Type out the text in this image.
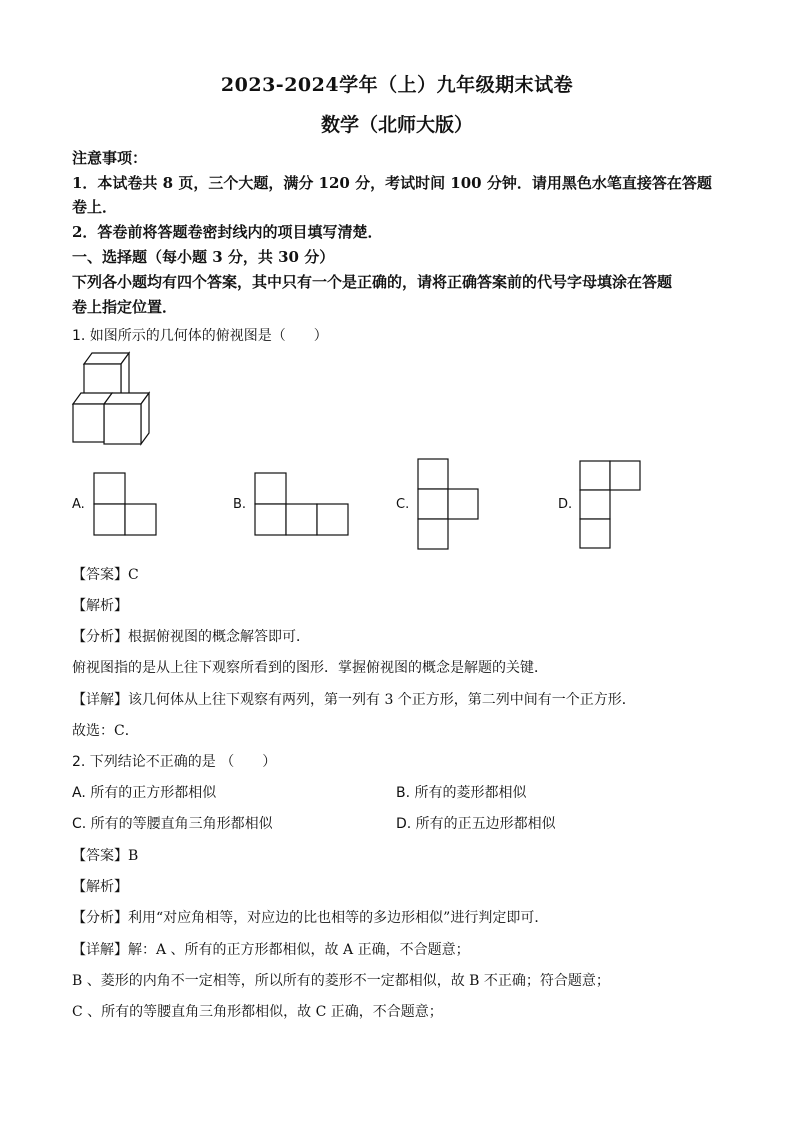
2023-2024学年（上）九年级期末试卷
数学（北师大版）
注意事项：
1．本试卷共 8 页，三个大题，满分 120 分，考试时间 100 分钟．请用黑色水笔直接答在答题
卷上．
2．答卷前将答题卷密封线内的项目填写清楚．
一、选择题（每小题 3 分，共 30 分）
下列各小题均有四个答案，其中只有一个是正确的，请将正确答案前的代号字母填涂在答题
卷上指定位置．
1. 如图所示的几何体的俯视图是（　　）
A.	B.	C.	D.
【答案】C
【解析】
【分析】根据俯视图的概念解答即可．
俯视图指的是从上往下观察所看到的图形．掌握俯视图的概念是解题的关键．
【详解】该几何体从上往下观察有两列，第一列有 3 个正方形，第二列中间有一个正方形．
故选：C．
2. 下列结论不正确的是 （　　）
A. 所有的正方形都相似	B. 所有的菱形都相似
C. 所有的等腰直角三角形都相似	D. 所有的正五边形都相似
【答案】B
【解析】
【分析】利用“对应角相等，对应边的比也相等的多边形相似”进行判定即可．
【详解】解：A 、所有的正方形都相似，故 A 正确，不合题意；
B 、菱形的内角不一定相等，所以所有的菱形不一定都相似，故 B 不正确；符合题意；
C 、所有的等腰直角三角形都相似，故 C 正确，不合题意；
